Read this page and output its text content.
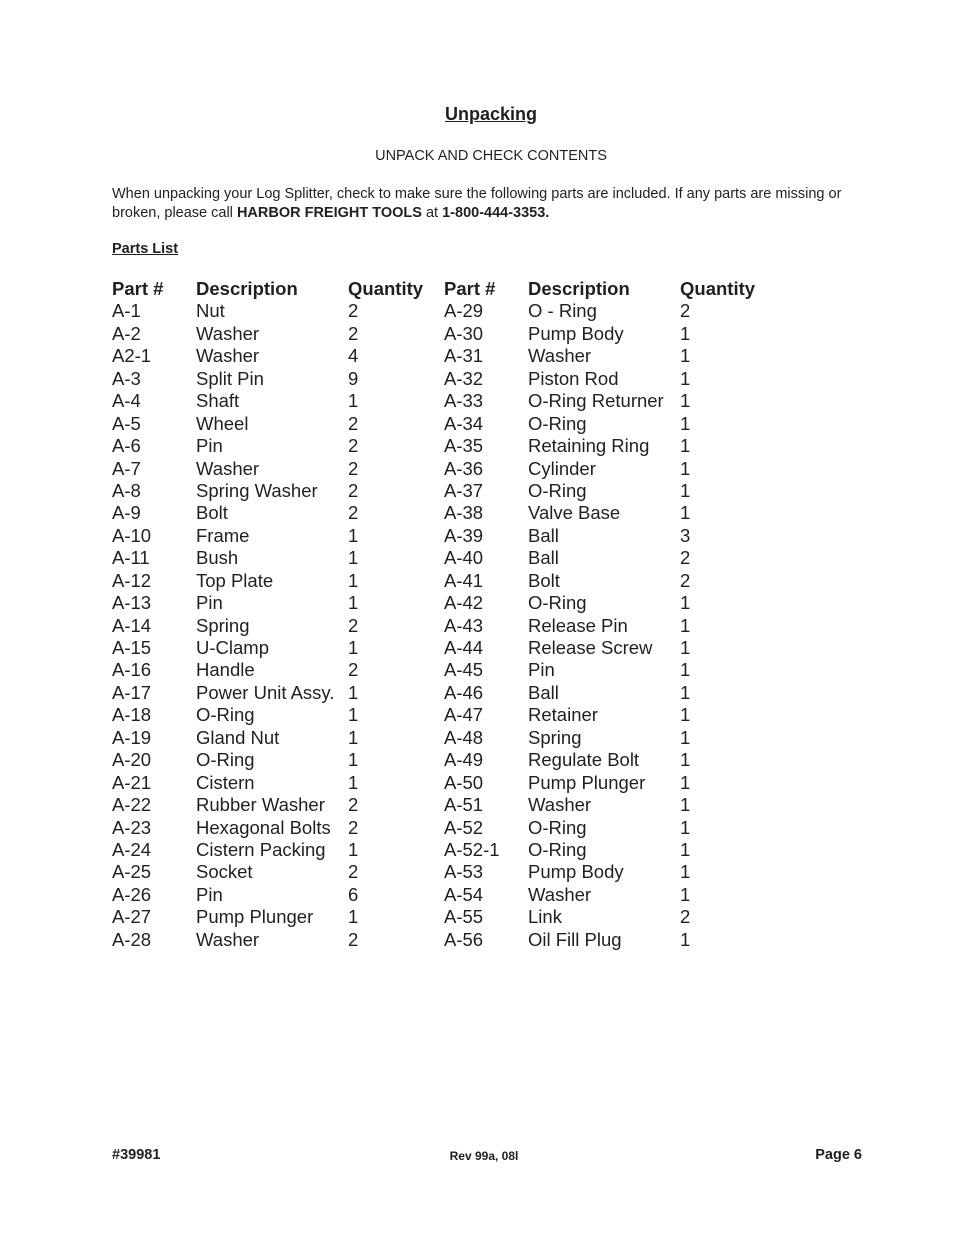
Unpacking
UNPACK AND CHECK CONTENTS
When unpacking your Log Splitter, check to make sure the following parts are included. If any parts are missing or broken, please call HARBOR FREIGHT TOOLS at 1-800-444-3353.
Parts List
Part #	Description	Quantity	Part #	Description	Quantity
A-1	Nut	2	A-29	O - Ring	2
A-2	Washer	2	A-30	Pump Body	1
A2-1	Washer	4	A-31	Washer	1
A-3	Split Pin	9	A-32	Piston Rod	1
A-4	Shaft	1	A-33	O-Ring Returner 1
A-5	Wheel	2	A-34	O-Ring	1
A-6	Pin	2	A-35	Retaining Ring	1
A-7	Washer	2	A-36	Cylinder	1
A-8	Spring Washer	2	A-37	O-Ring	1
A-9	Bolt	2	A-38	Valve Base	1
A-10	Frame	1	A-39	Ball	3
A-11	Bush	1	A-40	Ball	2
A-12	Top Plate	1	A-41	Bolt	2
A-13	Pin	1	A-42	O-Ring	1
A-14	Spring	2	A-43	Release Pin	1
A-15	U-Clamp	1	A-44	Release Screw	1
A-16	Handle	2	A-45	Pin	1
A-17	Power Unit Assy. 1	A-46	Ball	1
A-18	O-Ring	1	A-47	Retainer	1
A-19	Gland Nut	1	A-48	Spring	1
A-20	O-Ring	1	A-49	Regulate Bolt	1
A-21	Cistern	1	A-50	Pump Plunger	1
A-22	Rubber Washer	2	A-51	Washer	1
A-23	Hexagonal Bolts 2	A-52	O-Ring	1
A-24	Cistern Packing	1	A-52-1	O-Ring	1
A-25	Socket	2	A-53	Pump Body	1
A-26	Pin	6	A-54	Washer	1
A-27	Pump Plunger	1	A-55	Link	2
A-28	Washer	2	A-56	Oil Fill Plug	1
#39981	Rev 99a, 08l	Page 6
